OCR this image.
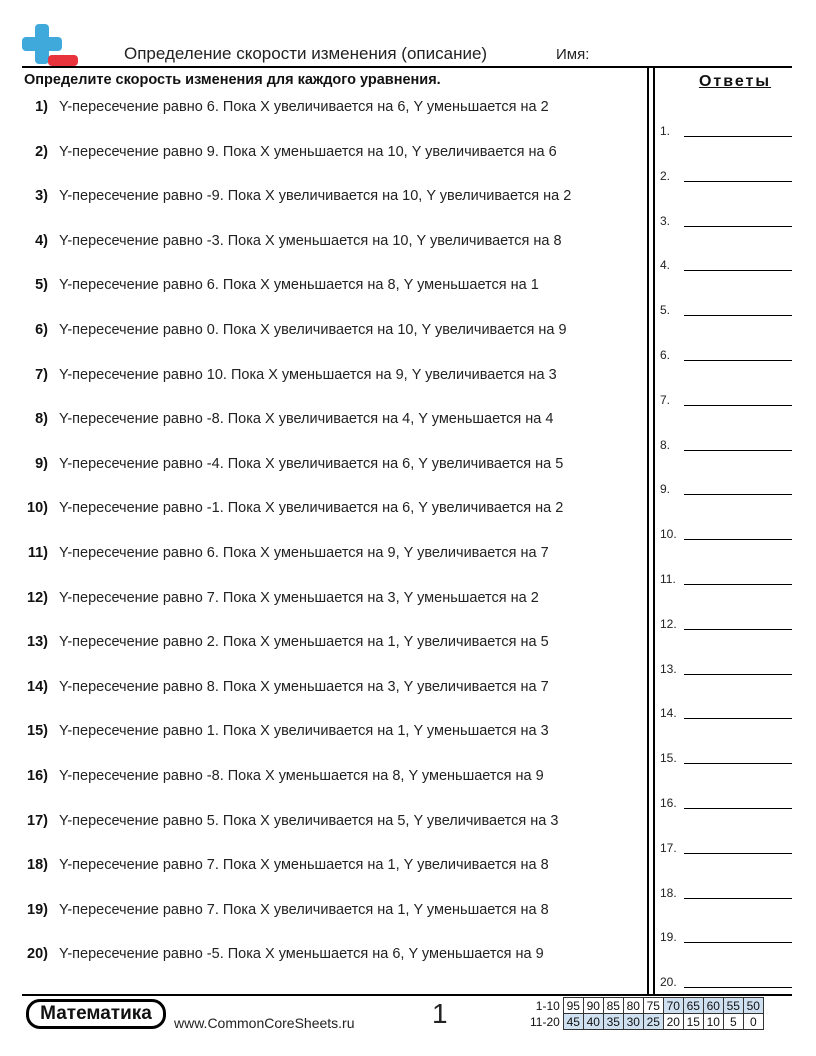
Определение скорости изменения (описание)	Имя:
Определите скорость изменения для каждого уравнения.
1) Y-пересечение равно 6. Пока X увеличивается на 6, Y уменьшается на 2
2) Y-пересечение равно 9. Пока X уменьшается на 10, Y увеличивается на 6
3) Y-пересечение равно -9. Пока X увеличивается на 10, Y увеличивается на 2
4) Y-пересечение равно -3. Пока X уменьшается на 10, Y увеличивается на 8
5) Y-пересечение равно 6. Пока X уменьшается на 8, Y уменьшается на 1
6) Y-пересечение равно 0. Пока X увеличивается на 10, Y увеличивается на 9
7) Y-пересечение равно 10. Пока X уменьшается на 9, Y увеличивается на 3
8) Y-пересечение равно -8. Пока X увеличивается на 4, Y уменьшается на 4
9) Y-пересечение равно -4. Пока X увеличивается на 6, Y увеличивается на 5
10) Y-пересечение равно -1. Пока X увеличивается на 6, Y увеличивается на 2
11) Y-пересечение равно 6. Пока X уменьшается на 9, Y увеличивается на 7
12) Y-пересечение равно 7. Пока X уменьшается на 3, Y уменьшается на 2
13) Y-пересечение равно 2. Пока X уменьшается на 1, Y увеличивается на 5
14) Y-пересечение равно 8. Пока X уменьшается на 3, Y увеличивается на 7
15) Y-пересечение равно 1. Пока X увеличивается на 1, Y уменьшается на 3
16) Y-пересечение равно -8. Пока X уменьшается на 8, Y уменьшается на 9
17) Y-пересечение равно 5. Пока X увеличивается на 5, Y увеличивается на 3
18) Y-пересечение равно 7. Пока X уменьшается на 1, Y увеличивается на 8
19) Y-пересечение равно 7. Пока X увеличивается на 1, Y уменьшается на 8
20) Y-пересечение равно -5. Пока X уменьшается на 6, Y уменьшается на 9
Ответы
1.
2.
3.
4.
5.
6.
7.
8.
9.
10.
11.
12.
13.
14.
15.
16.
17.
18.
19.
20.
Математика	www.CommonCoreSheets.ru	1	1-10	95	90	85	80	75	70	65	60	55	50
11-20	45	40	35	30	25	20	15	10	5	0
